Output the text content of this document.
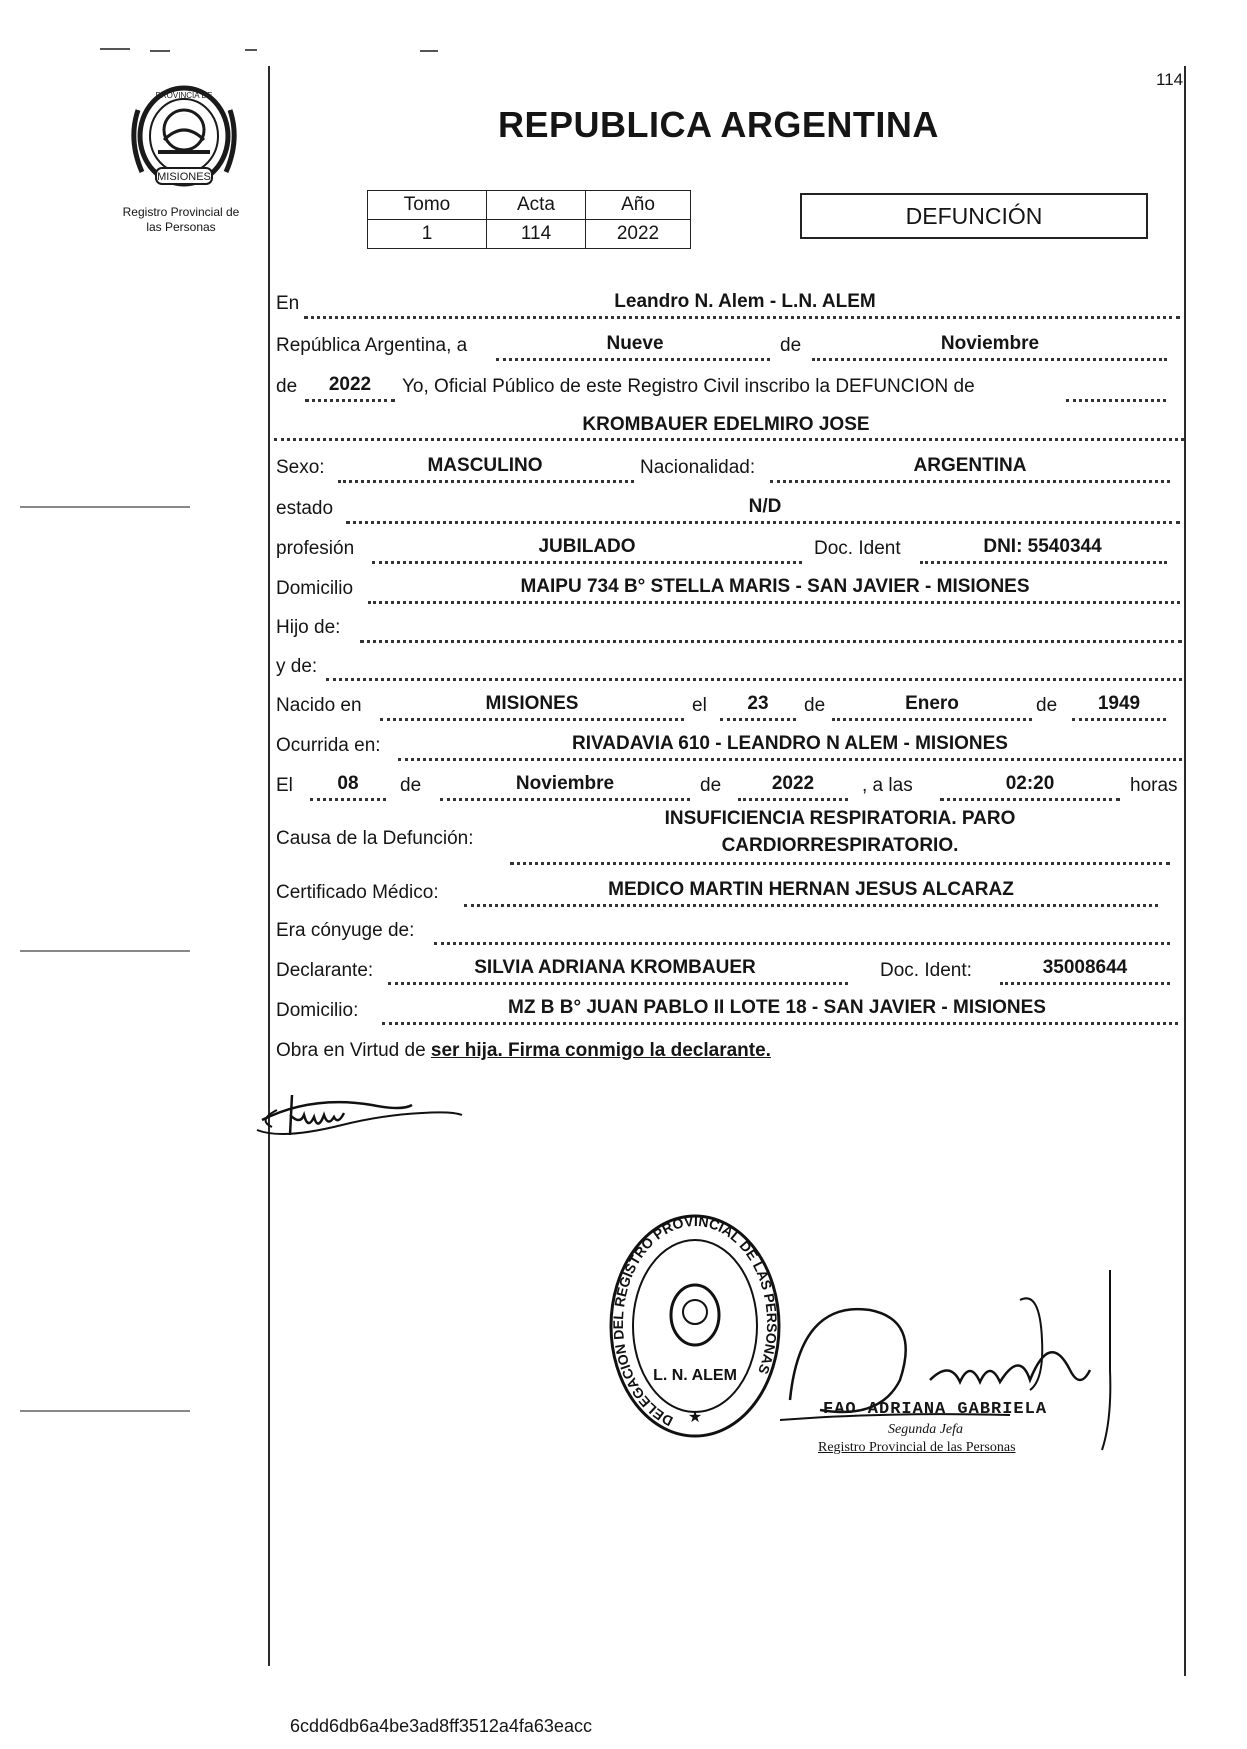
114
MISIONES
PROVINCIA DE
Registro Provincial de
las Personas
REPUBLICA ARGENTINA
Tomo	Acta	Año
1	114	2022
DEFUNCIÓN
En	Leandro N. Alem - L.N. ALEM
República Argentina, a	Nueve	de	Noviembre
de	2022	Yo, Oficial Público de este Registro Civil inscribo la DEFUNCION de
KROMBAUER EDELMIRO JOSE
Sexo:	MASCULINO	Nacionalidad:	ARGENTINA
estado	N/D
profesión	JUBILADO	Doc. Ident	DNI: 5540344
Domicilio	MAIPU 734 B° STELLA MARIS - SAN JAVIER - MISIONES
Hijo de:
y de:
Nacido en	MISIONES	el	23	de	Enero	de	1949
Ocurrida en:	RIVADAVIA 610 - LEANDRO N ALEM - MISIONES
El	08	de	Noviembre	de	2022	, a las	02:20	horas
Causa de la Defunción:
INSUFICIENCIA RESPIRATORIA. PARO
CARDIORRESPIRATORIO.
Certificado Médico:	MEDICO MARTIN HERNAN JESUS ALCARAZ
Era cónyuge de:
Declarante:	SILVIA ADRIANA KROMBAUER	Doc. Ident:	35008644
Domicilio:	MZ B B° JUAN PABLO II LOTE 18 - SAN JAVIER - MISIONES
Obra en Virtud de ser hija. Firma conmigo la declarante.
DELEGACION DEL REGISTRO PROVINCIAL DE LAS PERSONAS
L. N. ALEM
★	FAO ADRIANA GABRIELA
Segunda Jefa
Registro Provincial de las Personas
6cdd6db6a4be3ad8ff3512a4fa63eacc
